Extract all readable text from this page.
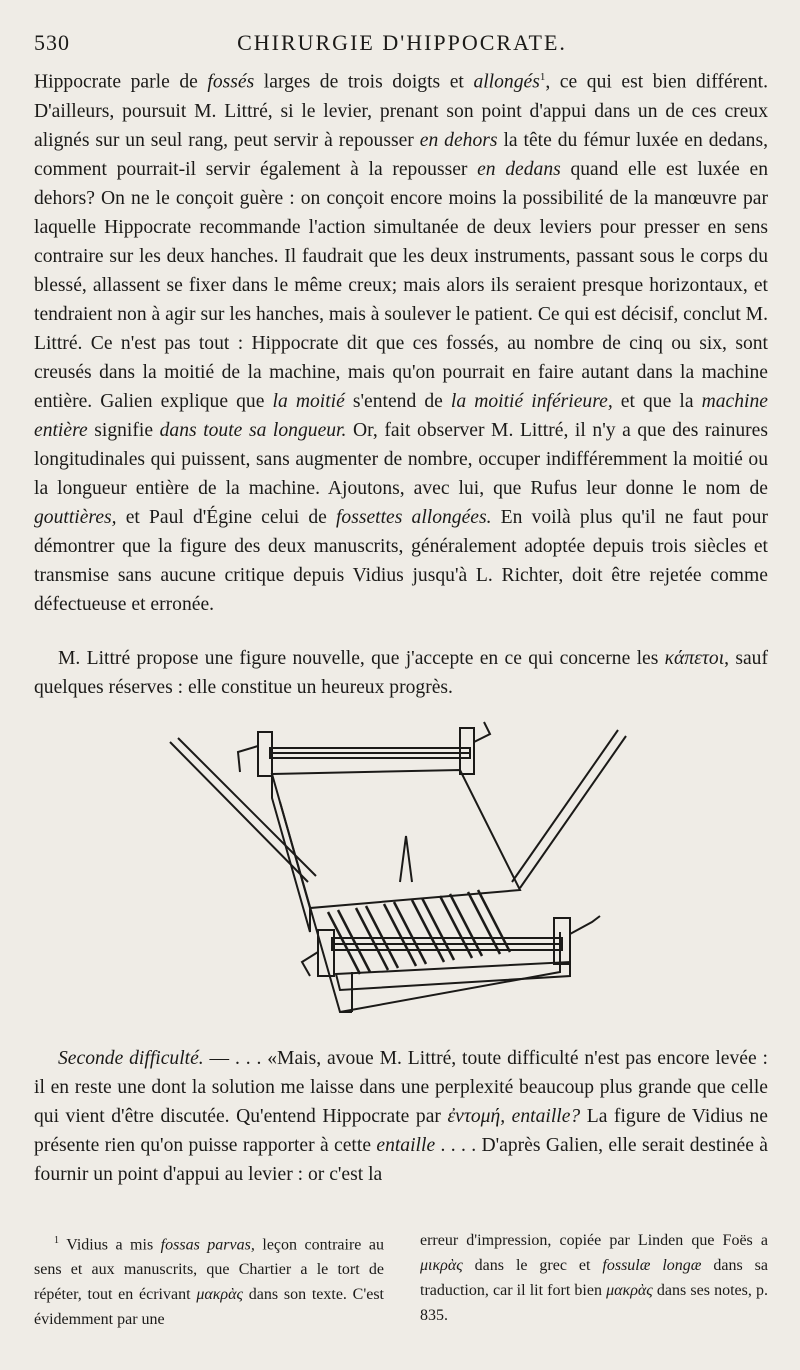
530	CHIRURGIE D'HIPPOCRATE.

Hippocrate parle de fossés larges de trois doigts et allongés$^1$, ce qui est bien différent. D'ailleurs, poursuit M. Littré, si le levier, prenant son point d'appui dans un de ces creux alignés sur un seul rang, peut servir à repousser en dehors la tête du fémur luxée en dedans, comment pourrait-il servir également à la repousser en dedans quand elle est luxée en dehors? On ne le conçoit guère : on conçoit encore moins la possibilité de la manœuvre par laquelle Hippocrate recommande l'action simultanée de deux leviers pour presser en sens contraire sur les deux hanches. Il faudrait que les deux instruments, passant sous le corps du blessé, allassent se fixer dans le même creux; mais alors ils seraient presque horizontaux, et tendraient non à agir sur les hanches, mais à soulever le patient. Ce qui est décisif, conclut M. Littré. Ce n'est pas tout : Hippocrate dit que ces fossés, au nombre de cinq ou six, sont creusés dans la moitié de la machine, mais qu'on pourrait en faire autant dans la machine entière. Galien explique que la moitié s'entend de la moitié inférieure, et que la machine entière signifie dans toute sa longueur. Or, fait observer M. Littré, il n'y a que des rainures longitudinales qui puissent, sans augmenter de nombre, occuper indifféremment la moitié ou la longueur entière de la machine. Ajoutons, avec lui, que Rufus leur donne le nom de gouttières, et Paul d'Égine celui de fossettes allongées. En voilà plus qu'il ne faut pour démontrer que la figure des deux manuscrits, généralement adoptée depuis trois siècles et transmise sans aucune critique depuis Vidius jusqu'à L. Richter, doit être rejetée comme défectueuse et erronée.

M. Littré propose une figure nouvelle, que j'accepte en ce qui concerne les κάπετοι, sauf quelques réserves : elle constitue un heureux progrès.

Seconde difficulté. — . . . «Mais, avoue M. Littré, toute difficulté n'est pas encore levée : il en reste une dont la solution me laisse dans une perplexité beaucoup plus grande que celle qui vient d'être discutée. Qu'entend Hippocrate par ἐντομή, entaille? La figure de Vidius ne présente rien qu'on puisse rapporter à cette entaille . . . . D'après Galien, elle serait destinée à fournir un point d'appui au levier : or c'est la

$^1$ Vidius a mis fossas parvas, leçon contraire au sens et aux manuscrits, que Chartier a le tort de répéter, tout en écrivant μακρὰς dans son texte. C'est évidemment par une

erreur d'impression, copiée par Linden que Foës a μικρὰς dans le grec et fossulæ longæ dans sa traduction, car il lit fort bien μακρὰς dans ses notes, p. 835.
